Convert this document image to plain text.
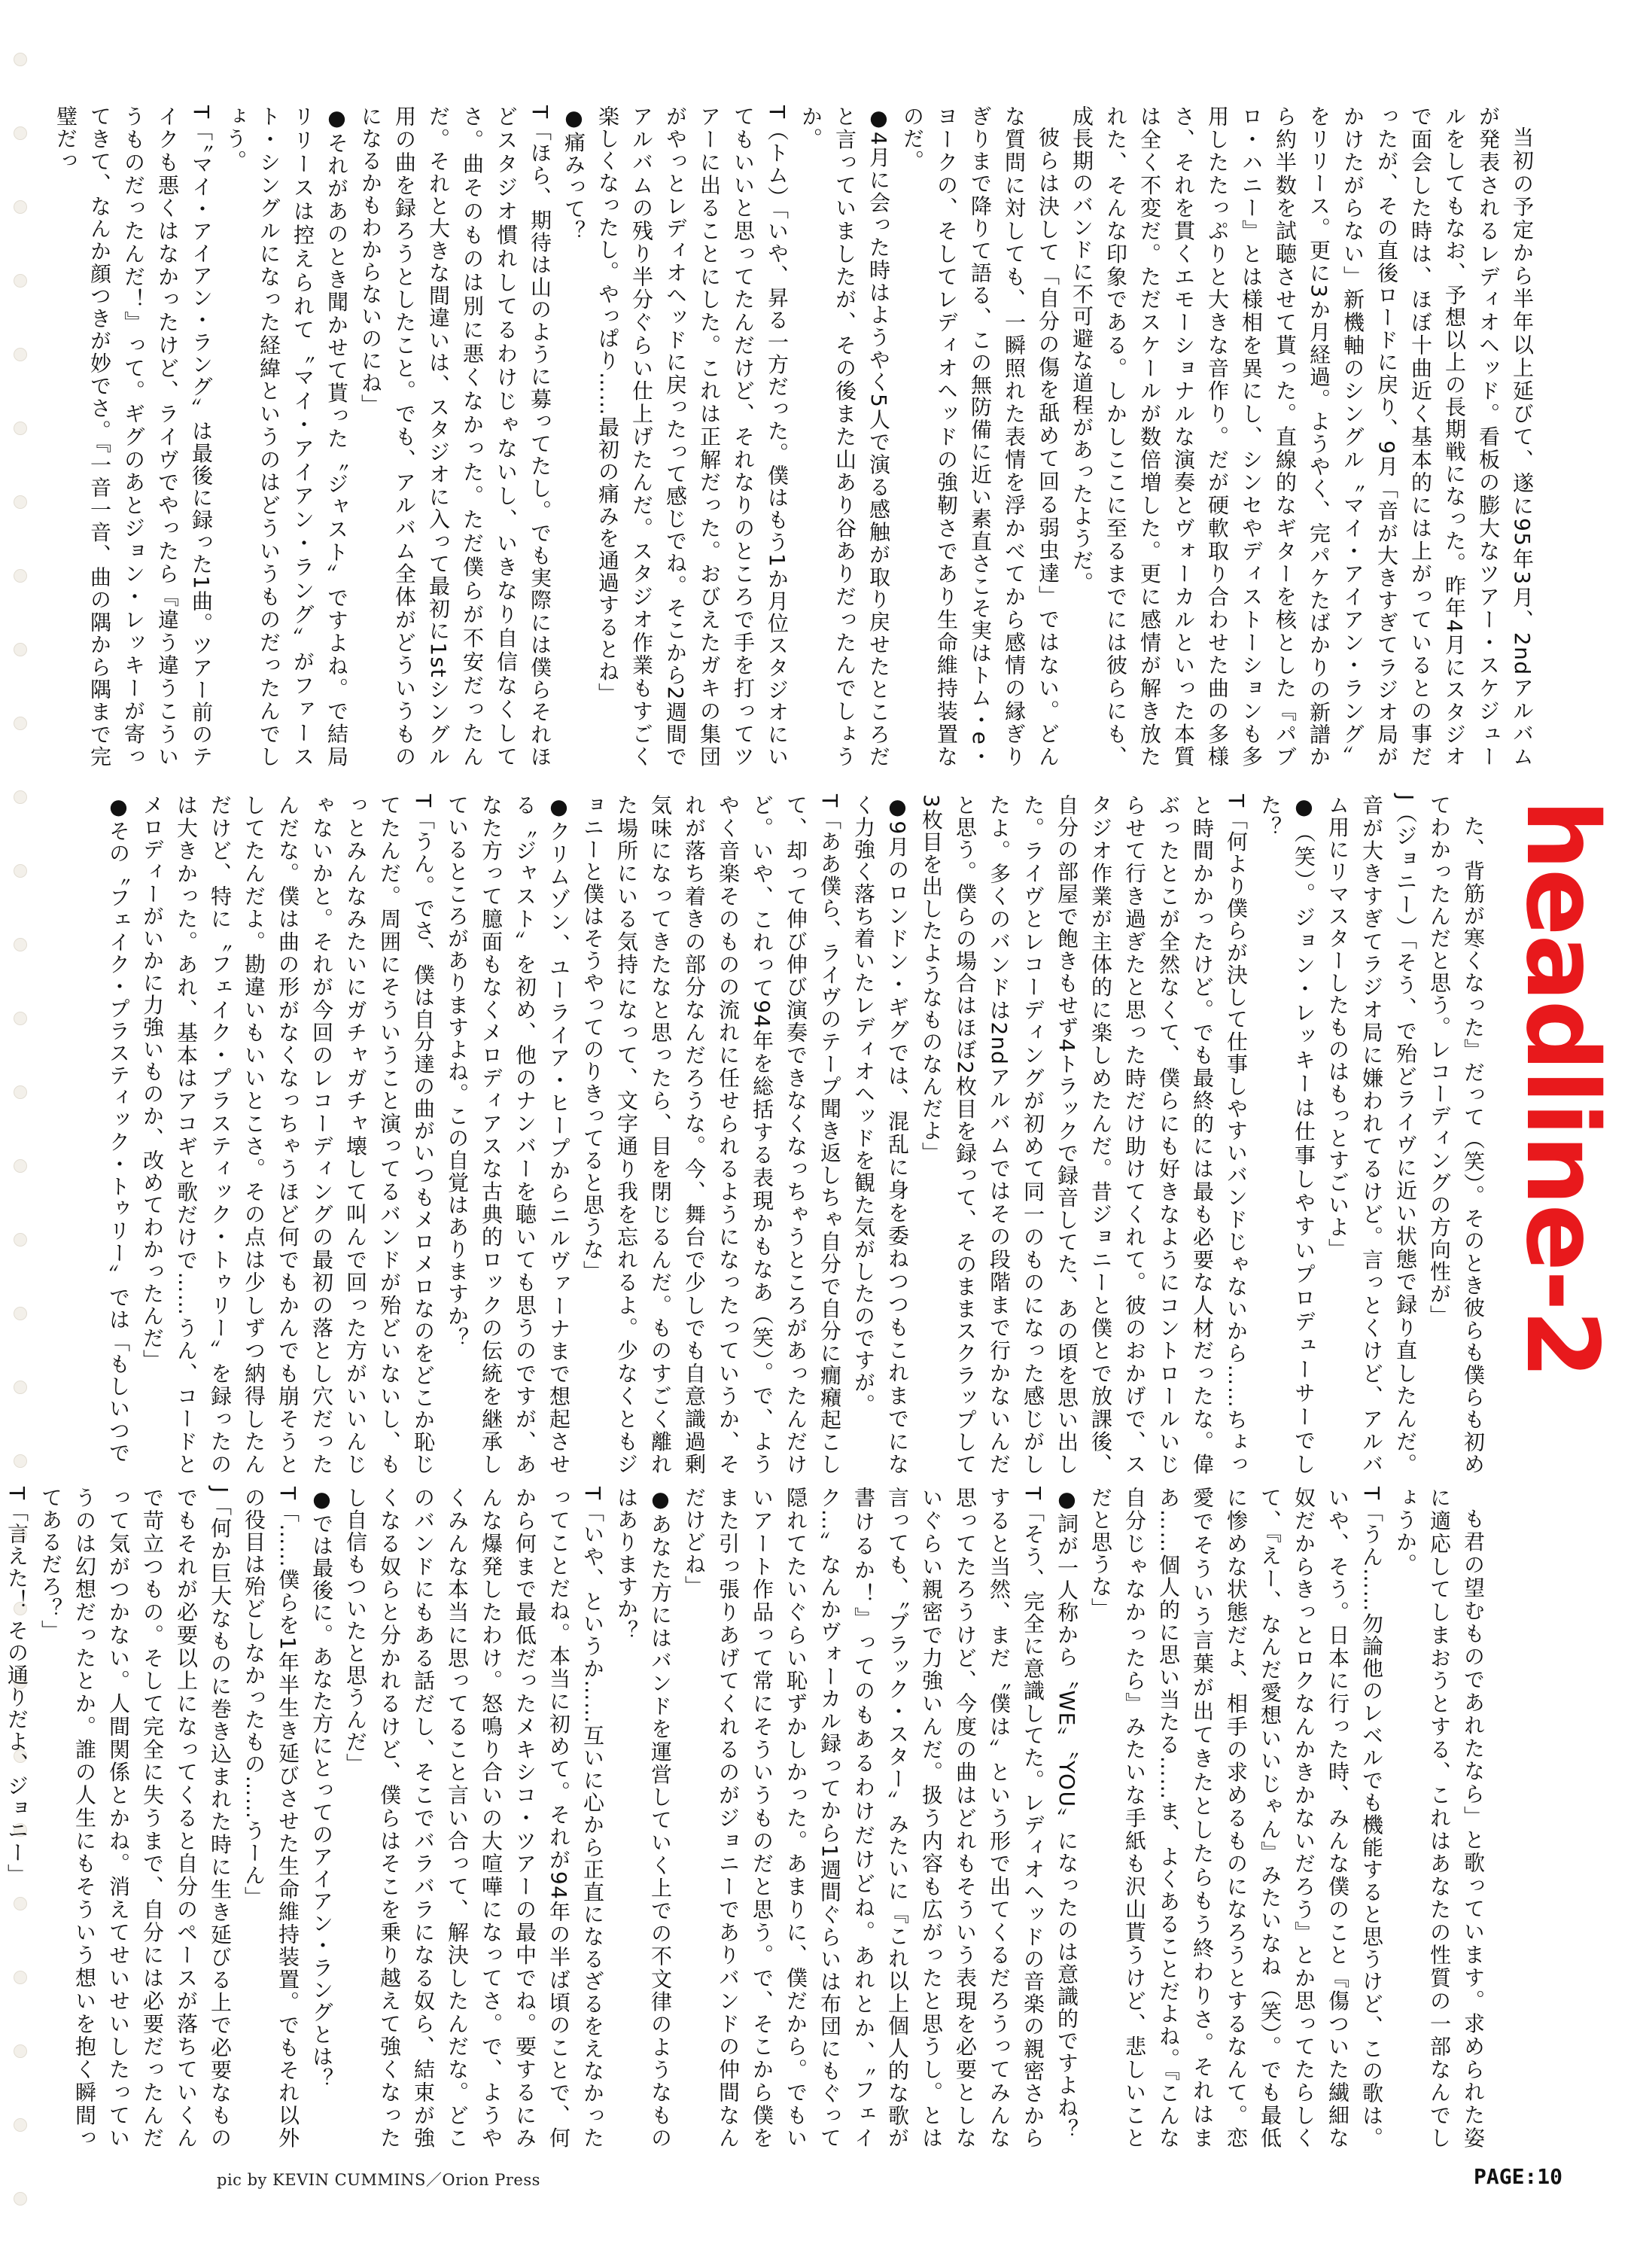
当初の予定から半年以上延びて、遂に95年3月、2ndアルバムが発表されるレディオヘッド。看板の膨大なツアー・スケジュールをしてもなお、予想以上の長期戦になった。昨年4月にスタジオで面会した時は、ほぼ十曲近く基本的には上がっているとの事だったが、その直後ロードに戻り、9月「音が大きすぎてラジオ局がかけたがらない」新機軸のシングル〝マイ・アイアン・ラング〟をリリース。更に3か月経過。ようやく、完パケたばかりの新譜から約半数を試聴させて貰った。直線的なギターを核とした『パブロ・ハニー』とは様相を異にし、シンセやディストーションも多用したたっぷりと大きな音作り。だが硬軟取り合わせた曲の多様さ、それを貫くエモーショナルな演奏とヴォーカルといった本質は全く不変だ。ただスケールが数倍増した。更に感情が解き放たれた、そんな印象である。しかしここに至るまでには彼らにも、成長期のバンドに不可避な道程があったようだ。

彼らは決して「自分の傷を舐めて回る弱虫達」ではない。どんな質問に対しても、一瞬照れた表情を浮かべてから感情の縁ぎりぎりまで降りて語る、この無防備に近い素直さこそ実はトム・e・ヨークの、そしてレディオヘッドの強靭さであり生命維持装置なのだ。

●4月に会った時はようやく5人で演る感触が取り戻せたところだと言っていましたが、その後また山あり谷ありだったんでしょうか。

T（トム）「いや、昇る一方だった。僕はもう1か月位スタジオにいてもいいと思ってたんだけど、それなりのところで手を打ってツアーに出ることにした。これは正解だった。おびえたガキの集団がやっとレディオヘッドに戻ったって感じでね。そこから2週間でアルバムの残り半分ぐらい仕上げたんだ。スタジオ作業もすごく楽しくなったし。やっぱり……最初の痛みを通過するとね」

●痛みって？

T「ほら、期待は山のように募ってたし。でも実際には僕らそれほどスタジオ慣れしてるわけじゃないし、いきなり自信なくしてさ。曲そのものは別に悪くなかった。ただ僕らが不安だったんだ。それと大きな間違いは、スタジオに入って最初に1stシングル用の曲を録ろうとしたこと。でも、アルバム全体がどういうものになるかもわからないのにね」

●それがあのとき聞かせて貰った〝ジャスト〟ですよね。で結局リリースは控えられて〝マイ・アイアン・ラング〟がファースト・シングルになった経緯というのはどういうものだったんでしょう。

T「〝マイ・アイアン・ラング〟は最後に録った1曲。ツアー前のテイクも悪くはなかったけど、ライヴでやったら『違う違うこういうものだったんだ！』って。ギグのあとジョン・レッキーが寄ってきて、なんか顔つきが妙でさ。『一音一音、曲の隅から隅まで完璧だっ

た、背筋が寒くなった』だって（笑）。そのとき彼らも僕らも初めてわかったんだと思う。レコーディングの方向性が」

J（ジョニー）「そう、で殆どライヴに近い状態で録り直したんだ。音が大きすぎてラジオ局に嫌われてるけど。言っとくけど、アルバム用にリマスターしたものはもっとすごいよ」

●（笑）。ジョン・レッキーは仕事しやすいプロデューサーでした？

T「何より僕らが決して仕事しやすいバンドじゃないから……ちょっと時間かかったけど。でも最終的には最も必要な人材だったな。偉ぶったとこが全然なくて、僕らにも好きなようにコントロールいじらせて行き過ぎたと思った時だけ助けてくれて。彼のおかげで、スタジオ作業が主体的に楽しめたんだ。昔ジョニーと僕とで放課後、自分の部屋で飽きもせず4トラックで録音してた、あの頃を思い出した。ライヴとレコーディングが初めて同一のものになった感じがしたよ。多くのバンドは2ndアルバムではその段階まで行かないんだと思う。僕らの場合はほぼ2枚目を録って、そのままスクラップして3枚目を出したようなものなんだよ」

●9月のロンドン・ギグでは、混乱に身を委ねつつもこれまでになく力強く落ち着いたレディオヘッドを観た気がしたのですが。

T「ああ僕ら、ライヴのテープ聞き返しちゃ自分で自分に癇癪起こして、却って伸び伸び演奏できなくなっちゃうところがあったんだけど。いや、これって94年を総括する表現かもなあ（笑）。で、ようやく音楽そのものの流れに任せられるようになったっていうか、それが落ち着きの部分なんだろうな。今、舞台で少しでも自意識過剰気味になってきたなと思ったら、目を閉じるんだ。ものすごく離れた場所にいる気持になって、文字通り我を忘れるよ。少なくともジョニーと僕はそうやってのりきってると思うな」

●クリムゾン、ユーライア・ヒープからニルヴァーナまで想起させる〝ジャスト〟を初め、他のナンバーを聴いても思うのですが、あなた方って臆面もなくメロディアスな古典的ロックの伝統を継承しているところがありますよね。この自覚はありますか？

T「うん。でさ、僕は自分達の曲がいつもメロメロなのをどこか恥じてたんだ。周囲にそういうこと演ってるバンドが殆どいないし、もっとみんなみたいにガチャガチャ壊して叫んで回った方がいいんじゃないかと。それが今回のレコーディングの最初の落とし穴だったんだな。僕は曲の形がなくなっちゃうほど何でもかんでも崩そうとしてたんだよ。勘違いもいいとこさ。その点は少しずつ納得したんだけど、特に〝フェイク・プラスティック・トゥリー〟を録ったのは大きかった。あれ、基本はアコギと歌だけで……うん、コードとメロディーがいかに力強いものか、改めてわかったんだ」

●その〝フェイク・プラスティック・トゥリー〟では「もしいつで

も君の望むものであれたなら」と歌っています。求められた姿に適応してしまおうとする、これはあなたの性質の一部なんでしょうか。

T「うん……勿論他のレベルでも機能すると思うけど、この歌は。いや、そう。日本に行った時、みんな僕のこと『傷ついた繊細な奴だからきっとロクなんかきかないだろう』とか思ってたらしくて、『えー、なんだ愛想いいじゃん』みたいなね（笑）。でも最低に惨めな状態だよ、相手の求めるものになろうとするなんて。恋愛でそういう言葉が出てきたとしたらもう終わりさ。それはまあ……個人的に思い当たる……ま、よくあることだよね。『こんな自分じゃなかったら』みたいな手紙も沢山貰うけど、悲しいことだと思うな」

●詞が一人称から〝WE〟〝YOU〟になったのは意識的ですよね？

T「そう、完全に意識してた。レディオヘッドの音楽の親密さからすると当然、まだ〝僕は〟という形で出てくるだろうってみんな思ってたろうけど、今度の曲はどれもそういう表現を必要としないぐらい親密で力強いんだ。扱う内容も広がったと思うし。とは言っても、〝ブラック・スター〟みたいに『これ以上個人的な歌が書けるか！』ってのもあるわけだけどね。あれとか、〝フェイク…〟なんかヴォーカル録ってから1週間ぐらいは布団にもぐって隠れてたいぐらい恥ずかしかった。あまりに、僕だから。でもいいアート作品って常にそういうものだと思う。で、そこから僕をまた引っ張りあげてくれるのがジョニーでありバンドの仲間なんだけどね」

●あなた方にはバンドを運営していく上での不文律のようなものはありますか？

T「いや、というか……互いに心から正直になるざるをえなかったってことだね。本当に初めて。それが94年の半ば頃のことで、何から何まで最低だったメキシコ・ツアーの最中でね。要するにみんな爆発したわけ。怒鳴り合いの大喧嘩になってさ。で、ようやくみんな本当に思ってること言い合って、解決したんだな。どこのバンドにもある話だし、そこでバラバラになる奴ら、結束が強くなる奴らと分かれるけど、僕らはそこを乗り越えて強くなったし自信もついたと思うんだ」

●では最後に。あなた方にとってのアイアン・ラングとは？

T「……僕らを1年半生き延びさせた生命維持装置。でもそれ以外の役目は殆どしなかったもの……うーん」

J「何か巨大なものに巻き込まれた時に生き延びる上で必要なものでもそれが必要以上になってくると自分のペースが落ちていくんで苛立つもの。そして完全に失うまで、自分には必要だったんだって気がつかない。人間関係とかね。消えてせいせいしたっていうのは幻想だったとか。誰の人生にもそういう想いを抱く瞬間ってあるだろ？」

T「言えた！ その通りだよ、ジョニー」

headline-2
pic by KEVIN CUMMINS／Orion Press	PAGE:10
